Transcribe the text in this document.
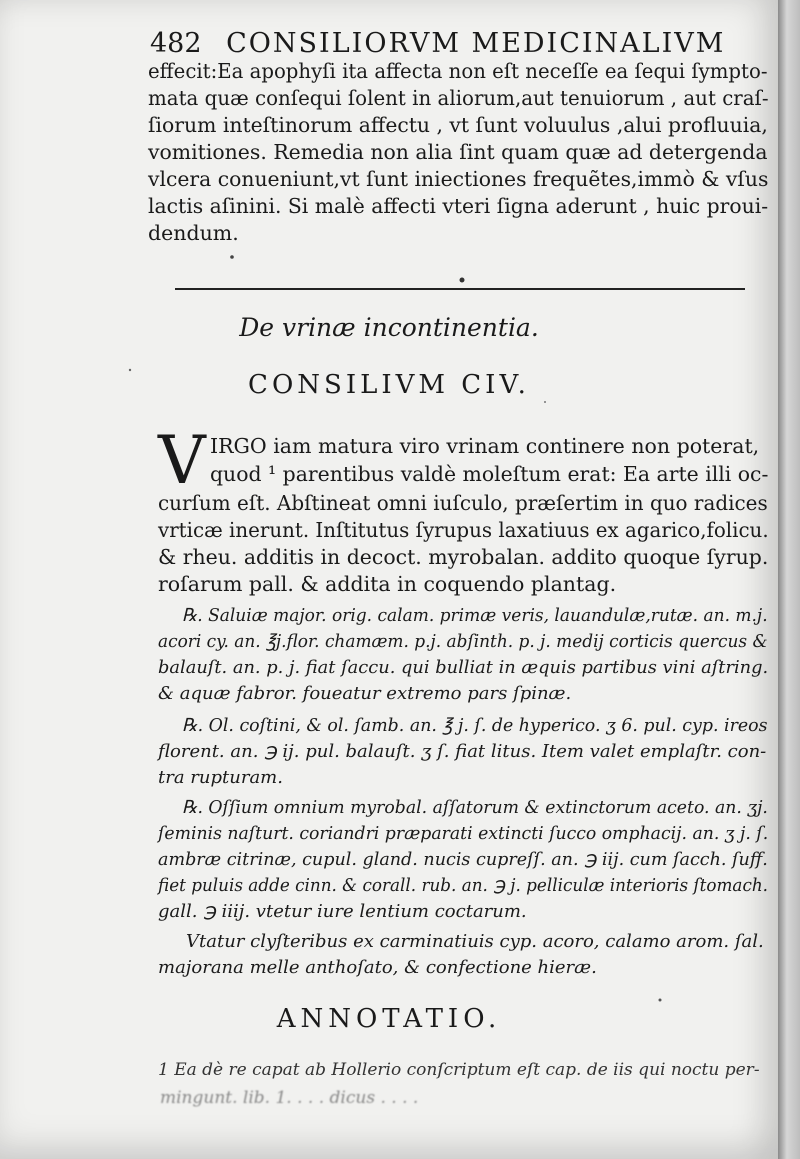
482 CONSILIORVM MEDICINALIVM
effecit:Ea apophyſi ita affecta non eſt neceſſe ea ſequi ſympto-
mata quæ conſequi ſolent in aliorum,aut tenuiorum , aut craſ-
ſiorum inteſtinorum affectu , vt ſunt voluulus ,alui profluuia,
vomitiones. Remedia non alia ſint quam quæ ad detergenda
vlcera conueniunt,vt ſunt iniectiones frequẽtes,immò & vſus
lactis aſinini. Si malè affecti vteri ſigna aderunt , huic proui-
dendum.
De vrinæ incontinentia.
CONSILIVM CIV.
V IRGO iam matura viro vrinam continere non poterat,
quod ¹ parentibus valdè moleſtum erat: Ea arte illi oc-
curſum eſt. Abſtineat omni iuſculo, præſertim in quo radices
vrticæ inerunt. Inſtitutus ſyrupus laxatiuus ex agarico,folicu.
& rheu. additis in decoct. myrobalan. addito quoque ſyrup.
roſarum pall. & addita in coquendo plantag.
℞. Saluiæ major. orig. calam. primæ veris, lauandulæ,rutæ. an. m.j.
acori cy. an. ℥j.flor. chamæm. p.j. abſinth. p. j. medij corticis quercus &
balauſt. an. p. j. fiat ſaccu. qui bulliat in æquis partibus vini aſtring.
& aquæ fabror. foueatur extremo pars ſpinæ.
℞. Ol. coſtini, & ol. ſamb. an. ℥ j. ſ. de hyperico. ʒ 6. pul. cyp. ireos
florent. an. ℈ ij. pul. balauſt. ʒ ſ. fiat litus. Item valet emplaſtr. con-
tra rupturam.
℞. Oſſium omnium myrobal. aſſatorum & extinctorum aceto. an. ʒj.
ſeminis naſturt. coriandri præparati extincti ſucco omphacij. an. ʒ j. ſ.
ambræ citrinæ, cupul. gland. nucis cupreſſ. an. ℈ iij. cum ſacch. ſuff.
fiet puluis adde cinn. & corall. rub. an. ℈ j. pelliculæ interioris ſtomach.
gall. ℈ iiij. vtetur iure lentium coctarum.
Vtatur clyſteribus ex carminatiuis cyp. acoro, calamo arom. ſal.
majorana melle anthoſato, & confectione hieræ.
ANNOTATIO.
1 Ea dè re capat ab Hollerio conſcriptum eſt cap. de iis qui noctu per-
mingunt. lib. 1. . . . dicus . . . .
